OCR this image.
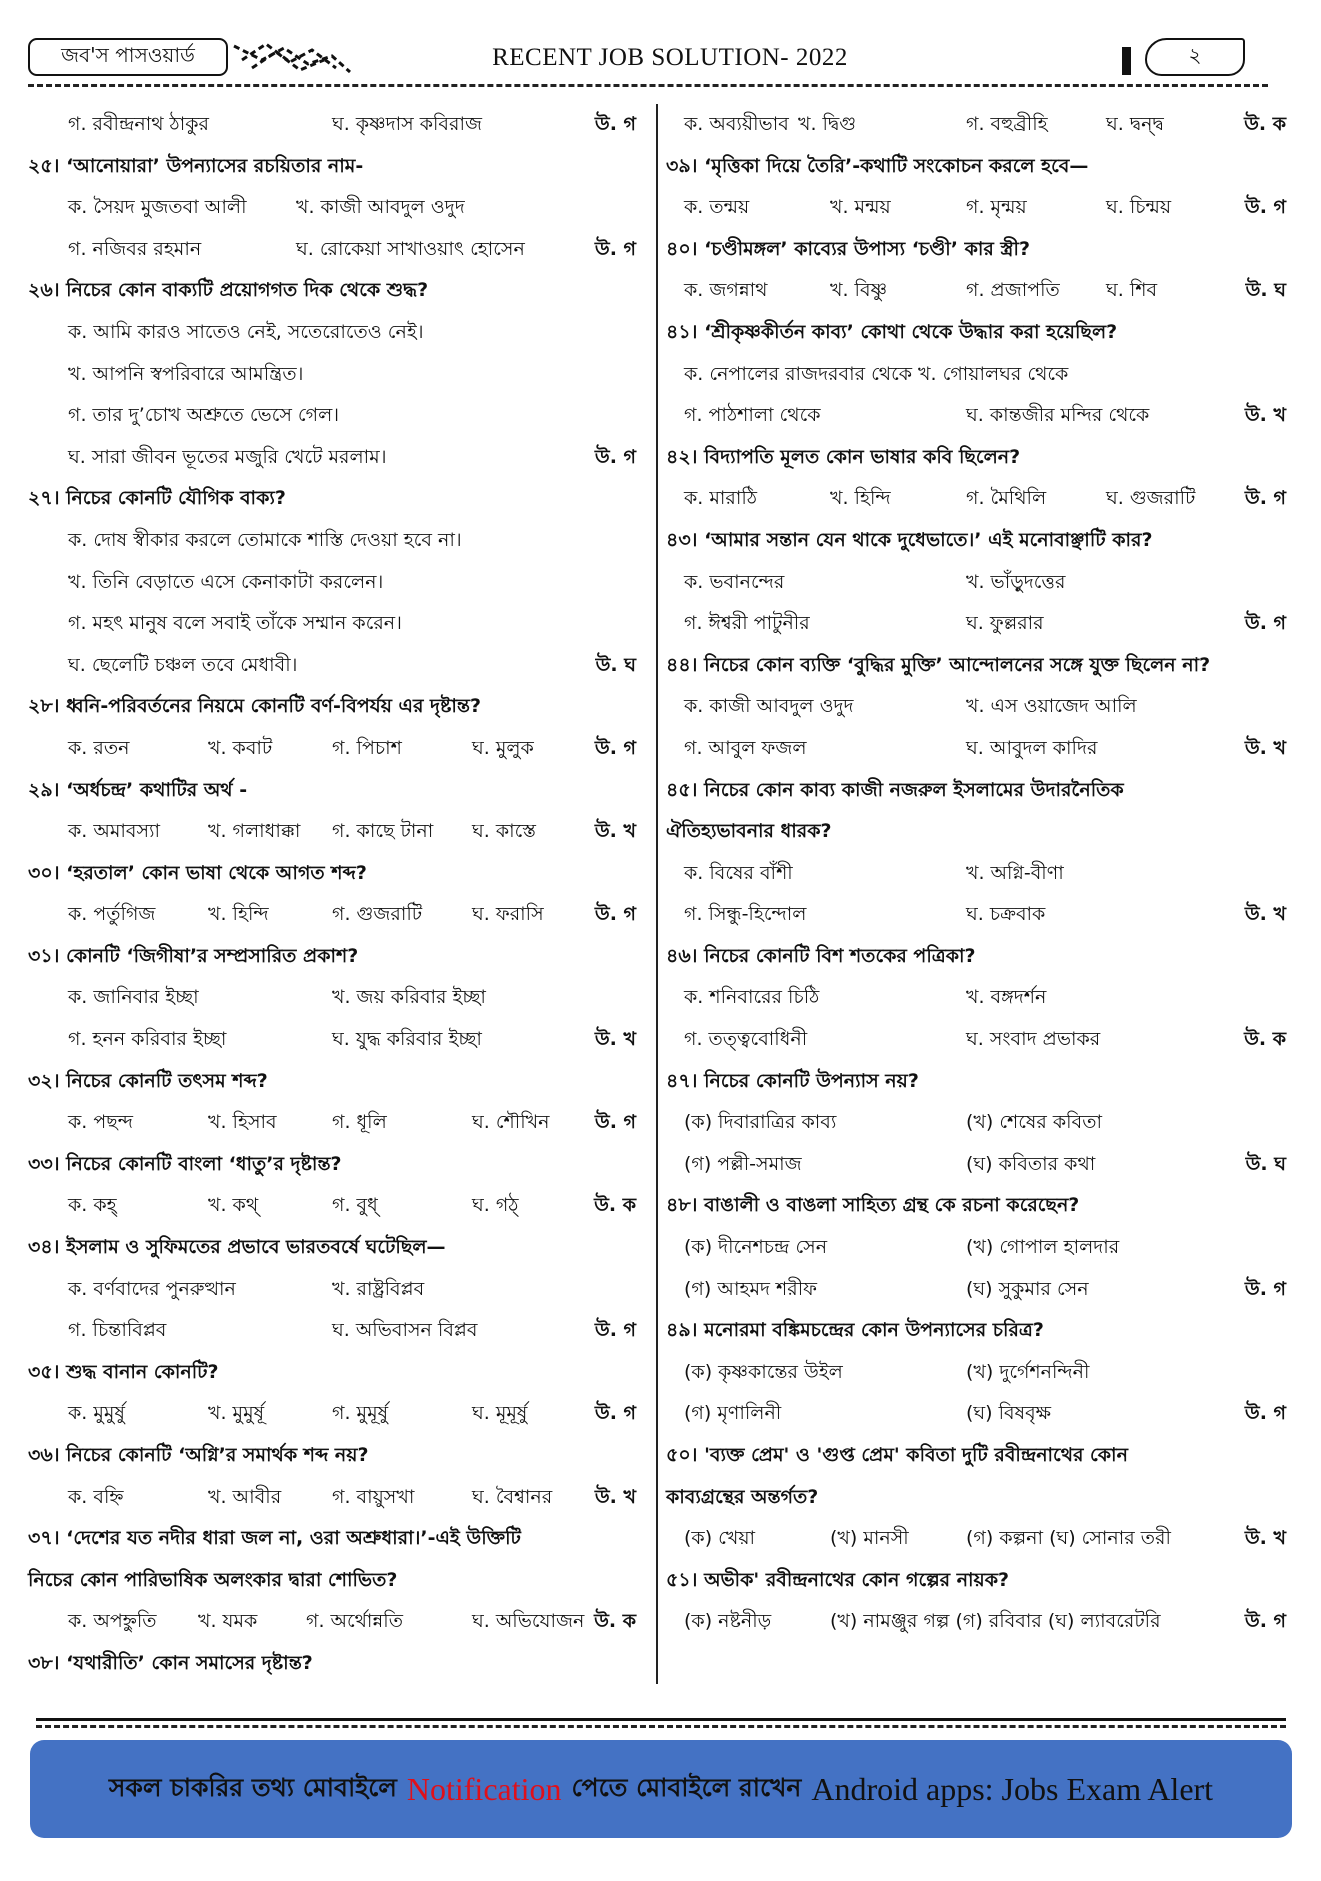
জব'স পাসওয়ার্ড	RECENT JOB SOLUTION- 2022	২
গ. রবীন্দ্রনাথ ঠাকুর	ঘ. কৃষ্ণদাস কবিরাজ	উ. গ
২৫। ‘আনোয়ারা’ উপন্যাসের রচয়িতার নাম-
ক. সৈয়দ মুজতবা আলী	খ. কাজী আবদুল ওদুদ
গ. নজিবর রহমান	ঘ. রোকেয়া সাখাওয়াৎ হোসেন	উ. গ
২৬। নিচের কোন বাক্যটি প্রয়োগগত দিক থেকে শুদ্ধ?
ক. আমি কারও সাতেও নেই, সতেরোতেও নেই।
খ. আপনি স্বপরিবারে আমন্ত্রিত।
গ. তার দু’চোখ অশ্রুতে ভেসে গেল।
ঘ. সারা জীবন ভূতের মজুরি খেটে মরলাম।	উ. গ
২৭। নিচের কোনটি যৌগিক বাক্য?
ক. দোষ স্বীকার করলে তোমাকে শাস্তি দেওয়া হবে না।
খ. তিনি বেড়াতে এসে কেনাকাটা করলেন।
গ. মহৎ মানুষ বলে সবাই তাঁকে সম্মান করেন।
ঘ. ছেলেটি চঞ্চল তবে মেধাবী।	উ. ঘ
২৮। ধ্বনি-পরিবর্তনের নিয়মে কোনটি বর্ণ-বিপর্যয় এর দৃষ্টান্ত?
ক. রতন	খ. কবাট	গ. পিচাশ	ঘ. মুলুক	উ. গ
২৯। ‘অর্ধচন্দ্র’ কথাটির অর্থ -
ক. অমাবস্যা	খ. গলাধাক্কা গ. কাছে টানা ঘ. কাস্তে	উ. খ
৩০। ‘হরতাল’ কোন ভাষা থেকে আগত শব্দ?
ক. পর্তুগিজ	খ. হিন্দি	গ. গুজরাটি	ঘ. ফরাসি	উ. গ
৩১। কোনটি ‘জিগীষা’র সম্প্রসারিত প্রকাশ?
ক. জানিবার ইচ্ছা	খ. জয় করিবার ইচ্ছা
গ. হনন করিবার ইচ্ছা	ঘ. যুদ্ধ করিবার ইচ্ছা	উ. খ
৩২। নিচের কোনটি তৎসম শব্দ?
ক. পছন্দ	খ. হিসাব	গ. ধূলি	ঘ. শৌখিন উ. গ
৩৩। নিচের কোনটি বাংলা ‘ধাতু’র দৃষ্টান্ত?
ক. কহ্	খ. কথ্	গ. বুধ্	ঘ. গঠ্	উ. ক
৩৪। ইসলাম ও সুফিমতের প্রভাবে ভারতবর্ষে ঘটেছিল—
ক. বর্ণবাদের পুনরুত্থান	খ. রাষ্ট্রবিপ্লব
গ. চিন্তাবিপ্লব	ঘ. অভিবাসন বিপ্লব	উ. গ
৩৫। শুদ্ধ বানান কোনটি?
ক. মুমুর্ষু	খ. মুমুর্ষূ	গ. মুমূর্ষু	ঘ. মূমূর্ষু	উ. গ
৩৬। নিচের কোনটি ‘অগ্নি’র সমার্থক শব্দ নয়?
ক. বহ্নি	খ. আবীর	গ. বায়ুসখা	ঘ. বৈশ্বানর উ. খ
৩৭। ‘দেশের যত নদীর ধারা জল না, ওরা অশ্রুধারা।’-এই উক্তিটি
নিচের কোন পারিভাষিক অলংকার দ্বারা শোভিত?
ক. অপহ্নুতি খ. যমক	গ. অর্থোন্নতি	ঘ. অভিযোজন উ. ক
৩৮। ‘যথারীতি’ কোন সমাসের দৃষ্টান্ত?
ক. অব্যয়ীভাব খ. দ্বিগু	গ. বহুব্রীহি	ঘ. দ্বন্দ্ব	উ. ক
৩৯। ‘মৃত্তিকা দিয়ে তৈরি’-কথাটি সংকোচন করলে হবে—
ক. তন্ময়	খ. মন্ময়	গ. মৃন্ময়	ঘ. চিন্ময়	উ. গ
৪০। ‘চণ্ডীমঙ্গল’ কাব্যের উপাস্য ‘চণ্ডী’ কার স্ত্রী?
ক. জগন্নাথ	খ. বিষ্ণু	গ. প্রজাপতি ঘ. শিব	উ. ঘ
৪১। ‘শ্রীকৃষ্ণকীর্তন কাব্য’ কোথা থেকে উদ্ধার করা হয়েছিল?
ক. নেপালের রাজদরবার থেকে খ. গোয়ালঘর থেকে
গ. পাঠশালা থেকে	ঘ. কান্তজীর মন্দির থেকে	উ. খ
৪২। বিদ্যাপতি মূলত কোন ভাষার কবি ছিলেন?
ক. মারাঠি	খ. হিন্দি	গ. মৈথিলি	ঘ. গুজরাটি	উ. গ
৪৩। ‘আমার সন্তান যেন থাকে দুধেভাতে।’ এই মনোবাঞ্ছাটি কার?
ক. ভবানন্দের	খ. ভাঁড়ুদত্তের
গ. ঈশ্বরী পাটুনীর	ঘ. ফুল্লরার	উ. গ
৪৪। নিচের কোন ব্যক্তি ‘বুদ্ধির মুক্তি’ আন্দোলনের সঙ্গে যুক্ত ছিলেন না?
ক. কাজী আবদুল ওদুদ	খ. এস ওয়াজেদ আলি
গ. আবুল ফজল	ঘ. আবুদল কাদির	উ. খ
৪৫। নিচের কোন কাব্য কাজী নজরুল ইসলামের উদারনৈতিক
ঐতিহ্যভাবনার ধারক?
ক. বিষের বাঁশী	খ. অগ্নি-বীণা
গ. সিন্ধু-হিন্দোল	ঘ. চক্রবাক	উ. খ
৪৬। নিচের কোনটি বিশ শতকের পত্রিকা?
ক. শনিবারের চিঠি	খ. বঙ্গদর্শন
গ. তত্ত্ববোধিনী	ঘ. সংবাদ প্রভাকর	উ. ক
৪৭। নিচের কোনটি উপন্যাস নয়?
(ক) দিবারাত্রির কাব্য	(খ) শেষের কবিতা
(গ) পল্লী-সমাজ	(ঘ) কবিতার কথা	উ. ঘ
৪৮। বাঙালী ও বাঙলা সাহিত্য গ্রন্থ কে রচনা করেছেন?
(ক) দীনেশচন্দ্র সেন	(খ) গোপাল হালদার
(গ) আহমদ শরীফ	(ঘ) সুকুমার সেন	উ. গ
৪৯। মনোরমা বঙ্কিমচন্দ্রের কোন উপন্যাসের চরিত্র?
(ক) কৃষ্ণকান্তের উইল	(খ) দুর্গেশনন্দিনী
(গ) মৃণালিনী	(ঘ) বিষবৃক্ষ	উ. গ
৫০। 'ব্যক্ত প্রেম' ও 'গুপ্ত প্রেম' কবিতা দুটি রবীন্দ্রনাথের কোন
কাব্যগ্রন্থের অন্তর্গত?
(ক) খেয়া	(খ) মানসী	(গ) কল্পনা (ঘ) সোনার তরী	উ. খ
৫১। অভীক' রবীন্দ্রনাথের কোন গল্পের নায়ক?
(ক) নষ্টনীড়	(খ) নামঞ্জুর গল্প (গ) রবিবার (ঘ) ল্যাবরেটরি	উ. গ
সকল চাকরির তথ্য মোবাইলে Notification পেতে মোবাইলে রাখেন Android apps: Jobs Exam Alert
